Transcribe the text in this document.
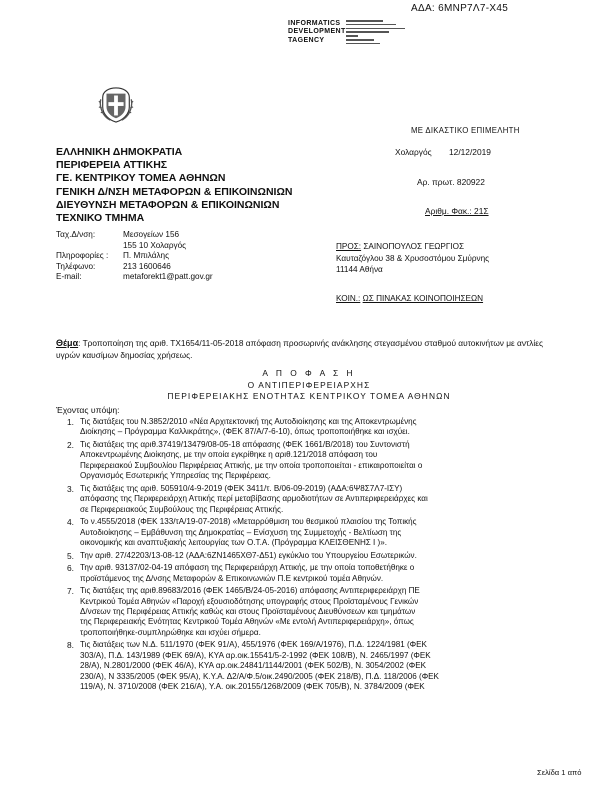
ΑΔΑ: 6ΜΝΡ7Λ7-Χ45
INFORMATICS
DEVELOPMENT
TAGENCY
ΜΕ ΔΙΚΑΣΤΙΚΟ ΕΠΙΜΕΛΗΤΗ
ΕΛΛΗΝΙΚΗ ΔΗΜΟΚΡΑΤΙΑ
ΠΕΡΙΦΕΡΕΙΑ ΑΤΤΙΚΗΣ
ΓΕ. ΚΕΝΤΡΙΚΟΥ ΤΟΜΕΑ ΑΘΗΝΩΝ
ΓΕΝΙΚΗ Δ/ΝΣΗ ΜΕΤΑΦΟΡΩΝ & ΕΠΙΚΟΙΝΩΝΙΩΝ
ΔΙΕΥΘΥΝΣΗ ΜΕΤΑΦΟΡΩΝ & ΕΠΙΚΟΙΝΩΝΙΩΝ
ΤΕΧΝΙΚΟ ΤΜΗΜΑ
Χολαργός 12/12/2019
Αρ. πρωτ. 820922
Αριθμ. Φακ.: 21Σ
Ταχ.Δ/νση:	Μεσογείων 156
155 10 Χολαργός
Πληροφορίες :	Π. Μπιλάλης
Τηλέφωνο:	213 1600646
E-mail:	metaforekt1@patt.gov.gr
ΠΡΟΣ: ΣΑΙΝΟΠΟΥΛΟΣ ΓΕΩΡΓΙΟΣ
Καυταζόγλου 38 & Χρυσοστόμου Σμύρνης
11144 Αθήνα
ΚΟΙΝ.: ΩΣ ΠΙΝΑΚΑΣ ΚΟΙΝΟΠΟΙΗΣΕΩΝ
Θέμα: Τροποποίηση της αριθ. ΤΧ1654/11-05-2018 απόφαση προσωρινής ανάκλησης στεγασμένου σταθμού αυτοκινήτων με αντλίες υγρών καυσίμων δημοσίας χρήσεως.
Α Π Ο Φ Α Σ Η
Ο ΑΝΤΙΠΕΡΙΦΕΡΕΙΑΡΧΗΣ
ΠΕΡΙΦΕΡΕΙΑΚΗΣ ΕΝΟΤΗΤΑΣ ΚΕΝΤΡΙΚΟΥ ΤΟΜΕΑ ΑΘΗΝΩΝ
Έχοντας υπόψη:
1. Τις διατάξεις του Ν.3852/2010 «Νέα Αρχιτεκτονική της Αυτοδιοίκησης και της Αποκεντρωμένης
Διοίκησης – Πρόγραμμα Καλλικράτης», (ΦΕΚ 87/Α/7-6-10), όπως τροποποιήθηκε και ισχύει.
2. Τις διατάξεις της αριθ.37419/13479/08-05-18 απόφασης (ΦΕΚ 1661/Β/2018) του Συντονιστή
Αποκεντρωμένης Διοίκησης, με την οποία εγκρίθηκε η αριθ.121/2018 απόφαση του
Περιφερειακού Συμβουλίου Περιφέρειας Αττικής, με την οποία τροποποιείται - επικαιροποιείται ο
Οργανισμός Εσωτερικής Υπηρεσίας της Περιφέρειας.
3. Τις διατάξεις της αριθ. 505910/4-9-2019 (ΦΕΚ 3411/τ. Β/06-09-2019) (ΑΔΑ:6Ψ8Σ7Λ7-ΙΣΥ)
απόφασης της Περιφερειάρχη Αττικής περί μεταβίβασης αρμοδιοτήτων σε Αντιπεριφερειάρχες και
σε Περιφερειακούς Συμβούλους της Περιφέρειας Αττικής.
4. Το ν.4555/2018 (ΦΕΚ 133/τΑ/19-07-2018) «Μεταρρύθμιση του θεσμικού πλαισίου της Τοπικής
Αυτοδιοίκησης – Εμβάθυνση της Δημοκρατίας – Ενίσχυση της Συμμετοχής - Βελτίωση της
οικονομικής και αναπτυξιακής λειτουργίας των Ο.Τ.Α. (Πρόγραμμα ΚΛΕΙΣΘΕΝΗΣ Ι )».
5. Την αριθ. 27/42203/13-08-12 (ΑΔΑ:6ΖΝ1465ΧΘ7-Δ51) εγκύκλιο του Υπουργείου Εσωτερικών.
6. Την αριθ. 93137/02-04-19 απόφαση της Περιφερειάρχη Αττικής, με την οποία τοποθετήθηκε ο
προϊστάμενος της Δ/νσης Μεταφορών & Επικοινωνιών Π.Ε κεντρικού τομέα Αθηνών.
7. Τις διατάξεις της αριθ.89683/2016 (ΦΕΚ 1465/Β/24-05-2016) απόφασης Αντιπεριφερειάρχη ΠΕ
Κεντρικού Τομέα Αθηνών «Παροχή εξουσιοδότησης υπογραφής στους Προϊσταμένους Γενικών
Δ/νσεων της Περιφέρειας Αττικής καθώς και στους Προϊσταμένους Διευθύνσεων και τμημάτων
της Περιφερειακής Ενότητας Κεντρικού Τομέα Αθηνών «Με εντολή Αντιπεριφερειάρχη», όπως
τροποποιήθηκε-συμπληρώθηκε και ισχύει σήμερα.
8. Τις διατάξεις των Ν.Δ. 511/1970 (ΦΕΚ 91/Α), 455/1976 (ΦΕΚ 169/Α/1976), Π.Δ. 1224/1981 (ΦΕΚ
303/Α), Π.Δ. 143/1989 (ΦΕΚ 69/Α), ΚΥΑ αρ.οικ.15541/5-2-1992 (ΦΕΚ 108/Β), Ν. 2465/1997 (ΦΕΚ
28/Α), Ν.2801/2000 (ΦΕΚ 46/Α), ΚΥΑ αρ.οικ.24841/1144/2001 (ΦΕΚ 502/Β), Ν. 3054/2002 (ΦΕΚ
230/Α), Ν 3335/2005 (ΦΕΚ 95/Α), Κ.Υ.Α. Δ2/Α/Φ.5/οικ.2490/2005 (ΦΕΚ 218/Β), Π.Δ. 118/2006 (ΦΕΚ
119/Α), Ν. 3710/2008 (ΦΕΚ 216/Α), Υ.Α. οικ.20155/1268/2009 (ΦΕΚ 705/Β), Ν. 3784/2009 (ΦΕΚ
Σελίδα 1 από
